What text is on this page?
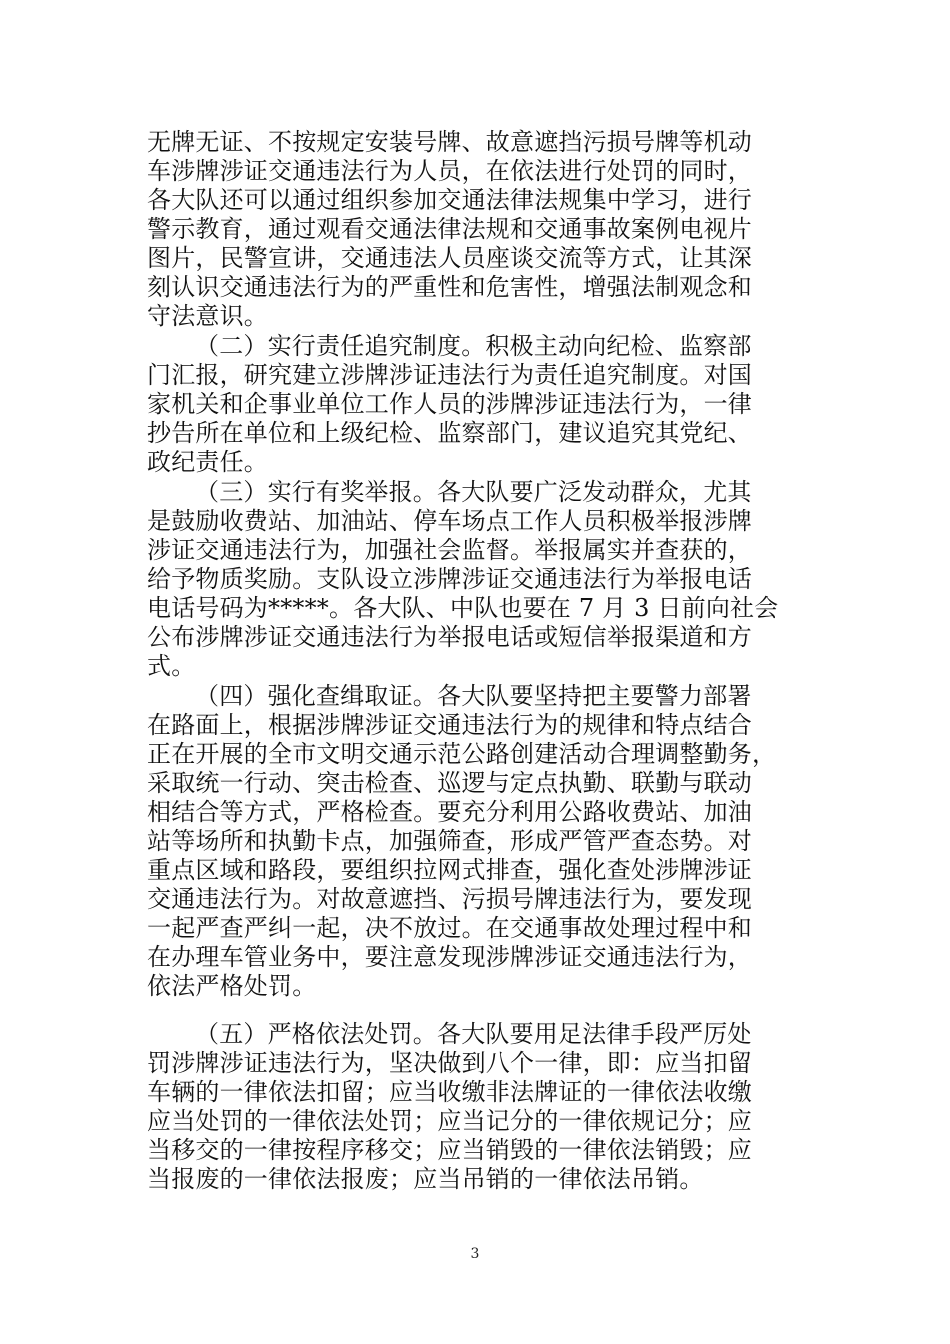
无牌无证、不按规定安装号牌、故意遮挡污损号牌等机动
车涉牌涉证交通违法行为人员，在依法进行处罚的同时，
各大队还可以通过组织参加交通法律法规集中学习，进行
警示教育，通过观看交通法律法规和交通事故案例电视片
图片，民警宣讲，交通违法人员座谈交流等方式，让其深
刻认识交通违法行为的严重性和危害性，增强法制观念和
守法意识。
（二）实行责任追究制度。积极主动向纪检、监察部
门汇报，研究建立涉牌涉证违法行为责任追究制度。对国
家机关和企事业单位工作人员的涉牌涉证违法行为，一律
抄告所在单位和上级纪检、监察部门，建议追究其党纪、
政纪责任。
（三）实行有奖举报。各大队要广泛发动群众，尤其
是鼓励收费站、加油站、停车场点工作人员积极举报涉牌
涉证交通违法行为，加强社会监督。举报属实并查获的，
给予物质奖励。支队设立涉牌涉证交通违法行为举报电话
电话号码为*****。各大队、中队也要在 7 月 3 日前向社会
公布涉牌涉证交通违法行为举报电话或短信举报渠道和方
式。
（四）强化查缉取证。各大队要坚持把主要警力部署
在路面上，根据涉牌涉证交通违法行为的规律和特点结合
正在开展的全市文明交通示范公路创建活动合理调整勤务，
采取统一行动、突击检查、巡逻与定点执勤、联勤与联动
相结合等方式，严格检查。要充分利用公路收费站、加油
站等场所和执勤卡点，加强筛查，形成严管严查态势。对
重点区域和路段，要组织拉网式排查，强化查处涉牌涉证
交通违法行为。对故意遮挡、污损号牌违法行为，要发现
一起严查严纠一起，决不放过。在交通事故处理过程中和
在办理车管业务中，要注意发现涉牌涉证交通违法行为，
依法严格处罚。
（五）严格依法处罚。各大队要用足法律手段严厉处
罚涉牌涉证违法行为，坚决做到八个一律，即：应当扣留
车辆的一律依法扣留；应当收缴非法牌证的一律依法收缴
应当处罚的一律依法处罚；应当记分的一律依规记分；应
当移交的一律按程序移交；应当销毁的一律依法销毁；应
当报废的一律依法报废；应当吊销的一律依法吊销。
3
